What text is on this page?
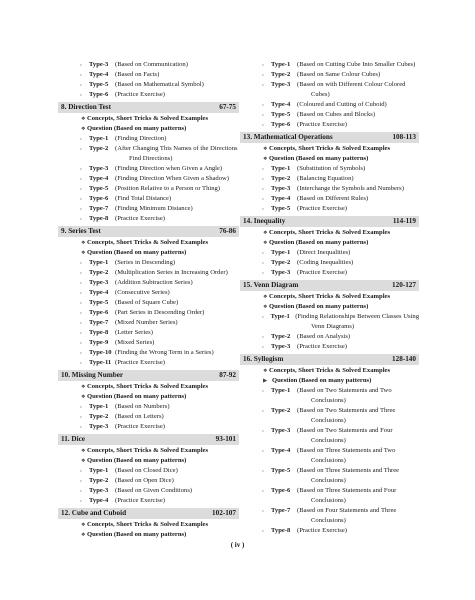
›	Type-3	(Based on Communication)
›	Type-4	(Based on Facts)
›	Type-5	(Based on Mathematical Symbol)
›	Type-6	(Practice Exercise)
8. Direction Test	67-75
❖ Concepts, Short Tricks & Solved Examples
❖ Question (Based on many patterns)
›	Type-1	(Finding Direction)
›	Type-2	(After Changing This Names of the Directions
Find Directions)
›	Type-3	(Finding Direction when Given a Angle)
›	Type-4	(Finding Direction When Given a Shadow)
›	Type-5	(Position Relative to a Person or Thing)
›	Type-6	(Find Total Distance)
›	Type-7	(Finding Minimum Distance)
›	Type-8	(Practice Exercise)
9. Series Test	76-86
❖ Concepts, Short Tricks & Solved Examples
❖ Question (Based on many patterns)
›	Type-1	(Series in Descending)
›	Type-2	(Multiplication Series in Increasing Order)
›	Type-3	(Addition Subtraction Series)
›	Type-4	(Consecutive Series)
›	Type-5	(Based of Square Cube)
›	Type-6	(Part Series in Descending Order)
›	Type-7	(Mixed Number Series)
›	Type-8	(Letter Series)
›	Type-9	(Mixed Series)
›	Type-10 (Finding the Wrong Term in a Series)
›	Type-11 (Practice Exercise)
10. Missing Number	87-92
❖ Concepts, Short Tricks & Solved Examples
❖ Question (Based on many patterns)
›	Type-1	(Based on Numbers)
›	Type-2	(Based on Letters)
›	Type-3	(Practice Exercise)
11. Dice	93-101
❖ Concepts, Short Tricks & Solved Examples
❖ Question (Based on many patterns)
›	Type-1	(Based on Closed Dice)
›	Type-2	(Based on Open Dice)
›	Type-3	(Based on Given Conditions)
›	Type-4	(Practice Exercise)
12. Cube and Cuboid	102-107
❖ Concepts, Short Tricks & Solved Examples
❖ Question (Based on many patterns)
›	Type-1	(Based on Cutting Cube Into Smaller Cubes)
›	Type-2	(Based on Same Colour Cubes)
›	Type-3	(Based on with Different Colour Colored
Cubes)
›	Type-4	(Coloured and Cutting of Cuboid)
›	Type-5	(Based on Cubes and Blocks)
›	Type-6	(Practice Exercise)
13. Mathematical Operations	108-113
❖ Concepts, Short Tricks & Solved Examples
❖ Question (Based on many patterns)
›	Type-1	(Substitution of Symbols)
›	Type-2	(Balancing Equation)
›	Type-3	(Interchange the Symbols and Numbers)
›	Type-4	(Based on Different Rules)
›	Type-5	(Practice Exercise)
14. Inequality	114-119
❖ Concepts, Short Tricks & Solved Examples
❖ Question (Based on many patterns)
›	Type-1	(Direct Inequalities)
›	Type-2	(Coding Inequalities)
›	Type-3	(Practice Exercise)
15. Venn Diagram	120-127
❖ Concepts, Short Tricks & Solved Examples
❖ Question (Based on many patterns)
›	Type-1 (Finding Relationships Between Classes Using
Venn Diagrams)
›	Type-2	(Based on Analysis)
›	Type-3	(Practice Exercise)
16. Syllogism	128-140
❖ Concepts, Short Tricks & Solved Examples
▶ Question (Based on many patterns)
›	Type-1	(Based on Two Statements and Two
Conclusions)
›	Type-2	(Based on Two Statements and Three
Conclusions)
›	Type-3	(Based on Two Statements and Four
Conclusions)
›	Type-4	(Based on Three Statements and Two
Conclusions)
›	Type-5	(Based on Three Statements and Three
Conclusions)
›	Type-6	(Based on Three Statements and Four
Conclusions)
›	Type-7	(Based on Four Statements and Three
Conclusions)
›	Type-8	(Practice Exercise)
( iv )
